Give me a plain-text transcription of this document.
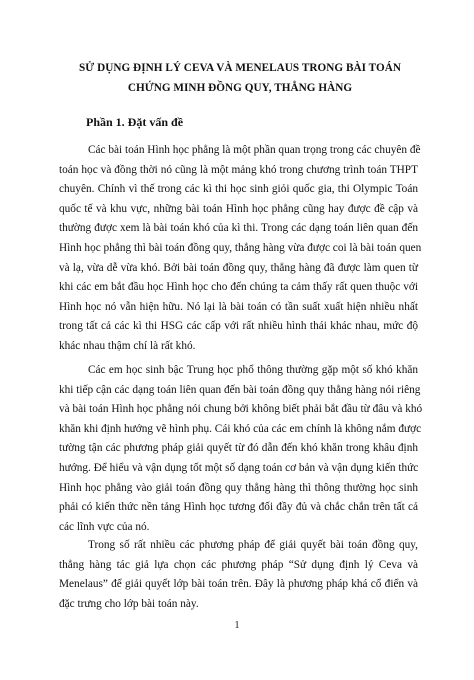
SỬ DỤNG ĐỊNH LÝ CEVA VÀ MENELAUS TRONG BÀI TOÁN
CHỨNG MINH ĐỒNG QUY, THẲNG HÀNG
Phần 1. Đặt vấn đề
Các bài toán Hình học phẳng là một phần quan trọng trong các chuyên đề
toán học và đồng thời nó cũng là một mảng khó trong chương trình toán THPT
chuyên. Chính vì thế trong các kì thi học sinh giỏi quốc gia, thi Olympic Toán
quốc tế và khu vực, những bài toán Hình học phẳng cũng hay được đề cập và
thường được xem là bài toán khó của kì thi. Trong các dạng toán liên quan đến
Hình học phẳng thì bài toán đồng quy, thẳng hàng vừa được coi là bài toán quen
và lạ, vừa dễ vừa khó. Bởi bài toán đồng quy, thẳng hàng đã được làm quen từ
khi các em bắt đầu học Hình học cho đến chúng ta cảm thấy rất quen thuộc với
Hình học nó vẫn hiện hữu. Nó lại là bài toán có tần suất xuất hiện nhiều nhất
trong tất cả các kì thi HSG các cấp với rất nhiều hình thái khác nhau, mức độ
khác nhau thậm chí là rất khó.
Các em học sinh bậc Trung học phổ thông thường gặp một số khó khăn
khi tiếp cận các dạng toán liên quan đến bài toán đồng quy thẳng hàng nói riêng
và bài toán Hình học phẳng nói chung bởi không biết phải bắt đầu từ đâu và khó
khăn khi định hướng vẽ hình phụ. Cái khó của các em chính là không nắm được
tường tận các phương pháp giải quyết từ đó dẫn đến khó khăn trong khâu định
hướng. Để hiểu và vận dụng tốt một số dạng toán cơ bản và vận dụng kiến thức
Hình học phẳng vào giải toán đồng quy thẳng hàng thì thông thường học sinh
phải có kiến thức nền tảng Hình học tương đối đầy đủ và chắc chắn trên tất cả
các lĩnh vực của nó.
Trong số rất nhiều các phương pháp để giải quyết bài toán đồng quy,
thẳng hàng tác giả lựa chọn các phương pháp “Sử dụng định lý Ceva và
Menelaus” để giải quyết lớp bài toán trên. Đây là phương pháp khá cổ điển và
đặc trưng cho lớp bài toán này.
1
